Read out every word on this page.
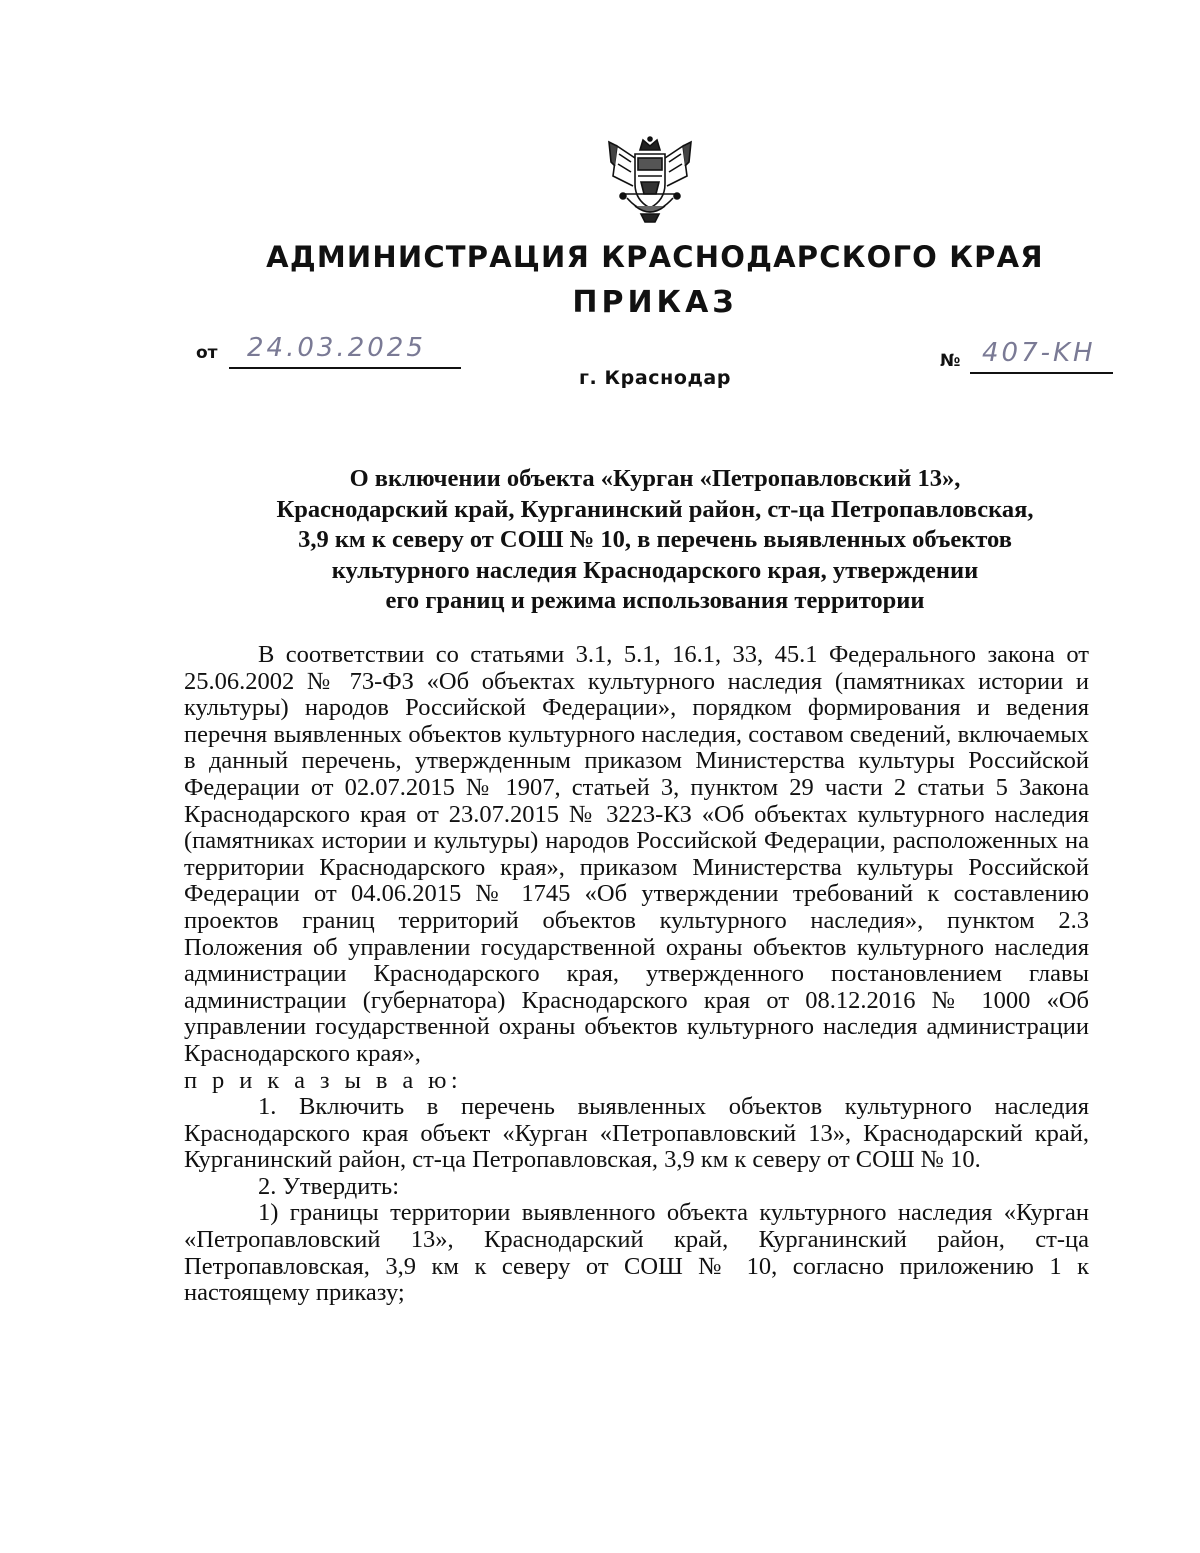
АДМИНИСТРАЦИЯ КРАСНОДАРСКОГО КРАЯ
ПРИКАЗ
от 24.03.2025
г. Краснодар
№ 407-KH
О включении объекта «Курган «Петропавловский 13»,
Краснодарский край, Курганинский район, ст-ца Петропавловская,
3,9 км к северу от СОШ № 10, в перечень выявленных объектов
культурного наследия Краснодарского края, утверждении
его границ и режима использования территории

В соответствии со статьями 3.1, 5.1, 16.1, 33, 45.1 Федерального закона от 25.06.2002 № 73-ФЗ «Об объектах культурного наследия (памятниках истории и культуры) народов Российской Федерации», порядком формирования и ведения перечня выявленных объектов культурного наследия, составом сведений, включаемых в данный перечень, утвержденным приказом Министерства культуры Российской Федерации от 02.07.2015 № 1907, статьей 3, пунктом 29 части 2 статьи 5 Закона Краснодарского края от 23.07.2015 № 3223-КЗ «Об объектах культурного наследия (памятниках истории и культуры) народов Российской Федерации, расположенных на территории Краснодарского края», приказом Министерства культуры Российской Федерации от 04.06.2015 № 1745 «Об утверждении требований к составлению проектов границ территорий объектов культурного наследия», пунктом 2.3 Положения об управлении государственной охраны объектов культурного наследия администрации Краснодарского края, утвержденного постановлением главы администрации (губернатора) Краснодарского края от 08.12.2016 № 1000 «Об управлении государственной охраны объектов культурного наследия администрации Краснодарского края»,

п р и к а з ы в а ю:

1. Включить в перечень выявленных объектов культурного наследия Краснодарского края объект «Курган «Петропавловский 13», Краснодарский край, Курганинский район, ст-ца Петропавловская, 3,9 км к северу от СОШ № 10.

2. Утвердить:

1) границы территории выявленного объекта культурного наследия «Курган «Петропавловский 13», Краснодарский край, Курганинский район, ст-ца Петропавловская, 3,9 км к северу от СОШ № 10, согласно приложению 1 к настоящему приказу;
